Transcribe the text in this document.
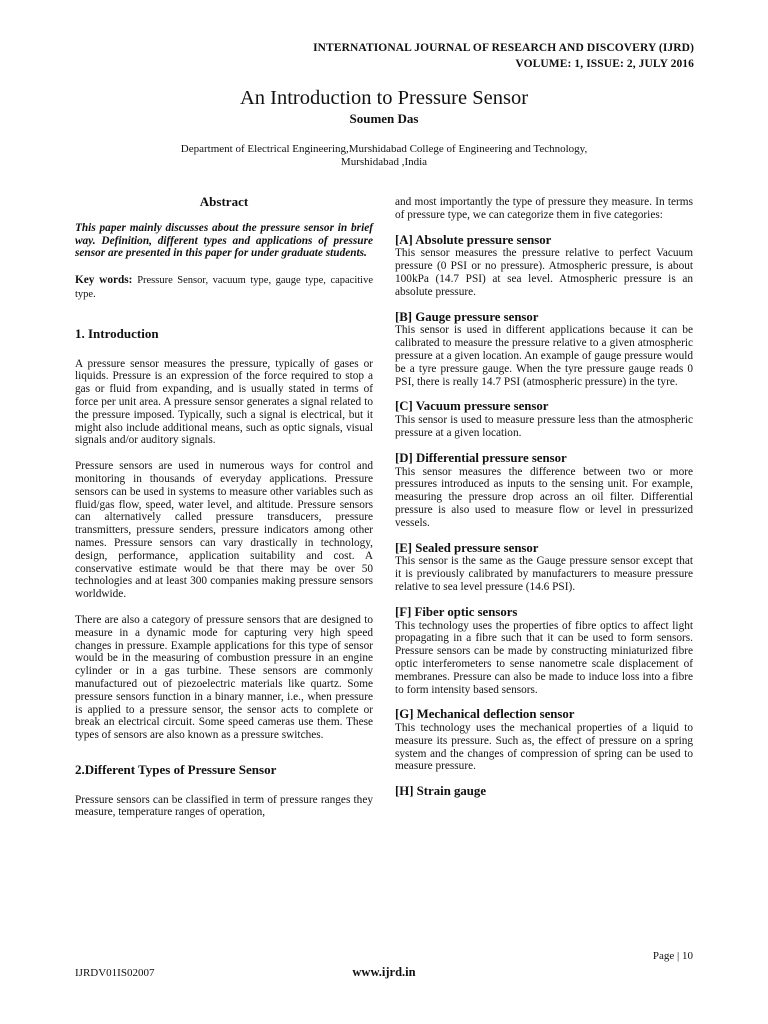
INTERNATIONAL JOURNAL OF RESEARCH AND DISCOVERY (IJRD)
VOLUME: 1, ISSUE: 2, JULY 2016
An Introduction to Pressure Sensor
Soumen Das
Department of Electrical Engineering,Murshidabad College of Engineering and Technology,
Murshidabad ,India
Abstract

This paper mainly discusses about the pressure sensor in brief way. Definition, different types and applications of pressure sensor are presented in this paper for under graduate students.

Key words: Pressure Sensor, vacuum type, gauge type, capacitive type.

1. Introduction

A pressure sensor measures the pressure, typically of gases or liquids. Pressure is an expression of the force required to stop a gas or fluid from expanding, and is usually stated in terms of force per unit area. A pressure sensor generates a signal related to the pressure imposed. Typically, such a signal is electrical, but it might also include additional means, such as optic signals, visual signals and/or auditory signals.

Pressure sensors are used in numerous ways for control and monitoring in thousands of everyday applications. Pressure sensors can be used in systems to measure other variables such as fluid/gas flow, speed, water level, and altitude. Pressure sensors can alternatively called pressure transducers, pressure transmitters, pressure senders, pressure indicators among other names. Pressure sensors can vary drastically in technology, design, performance, application suitability and cost. A conservative estimate would be that there may be over 50 technologies and at least 300 companies making pressure sensors worldwide.

There are also a category of pressure sensors that are designed to measure in a dynamic mode for capturing very high speed changes in pressure. Example applications for this type of sensor would be in the measuring of combustion pressure in an engine cylinder or in a gas turbine. These sensors are commonly manufactured out of piezoelectric materials like quartz. Some pressure sensors function in a binary manner, i.e., when pressure is applied to a pressure sensor, the sensor acts to complete or break an electrical circuit. Some speed cameras use them. These types of sensors are also known as a pressure switches.

2.Different Types of Pressure Sensor

Pressure sensors can be classified in term of pressure ranges they measure, temperature ranges of operation,

and most importantly the type of pressure they measure. In terms of pressure type, we can categorize them in five categories:

[A] Absolute pressure sensor

This sensor measures the pressure relative to perfect Vacuum pressure (0 PSI or no pressure). Atmospheric pressure, is about 100kPa (14.7 PSI) at sea level. Atmospheric pressure is an absolute pressure.

[B] Gauge pressure sensor

This sensor is used in different applications because it can be calibrated to measure the pressure relative to a given atmospheric pressure at a given location. An example of gauge pressure would be a tyre pressure gauge. When the tyre pressure gauge reads 0 PSI, there is really 14.7 PSI (atmospheric pressure) in the tyre.

[C] Vacuum pressure sensor

This sensor is used to measure pressure less than the atmospheric pressure at a given location.

[D] Differential pressure sensor

This sensor measures the difference between two or more pressures introduced as inputs to the sensing unit. For example, measuring the pressure drop across an oil filter. Differential pressure is also used to measure flow or level in pressurized vessels.

[E] Sealed pressure sensor

This sensor is the same as the Gauge pressure sensor except that it is previously calibrated by manufacturers to measure pressure relative to sea level pressure (14.6 PSI).

[F] Fiber optic sensors

This technology uses the properties of fibre optics to affect light propagating in a fibre such that it can be used to form sensors. Pressure sensors can be made by constructing miniaturized fibre optic interferometers to sense nanometre scale displacement of membranes. Pressure can also be made to induce loss into a fibre to form intensity based sensors.

[G] Mechanical deflection sensor

This technology uses the mechanical properties of a liquid to measure its pressure. Such as, the effect of pressure on a spring system and the changes of compression of spring can be used to measure pressure.

[H] Strain gauge
Page | 10
IJRDV01IS02007	www.ijrd.in
